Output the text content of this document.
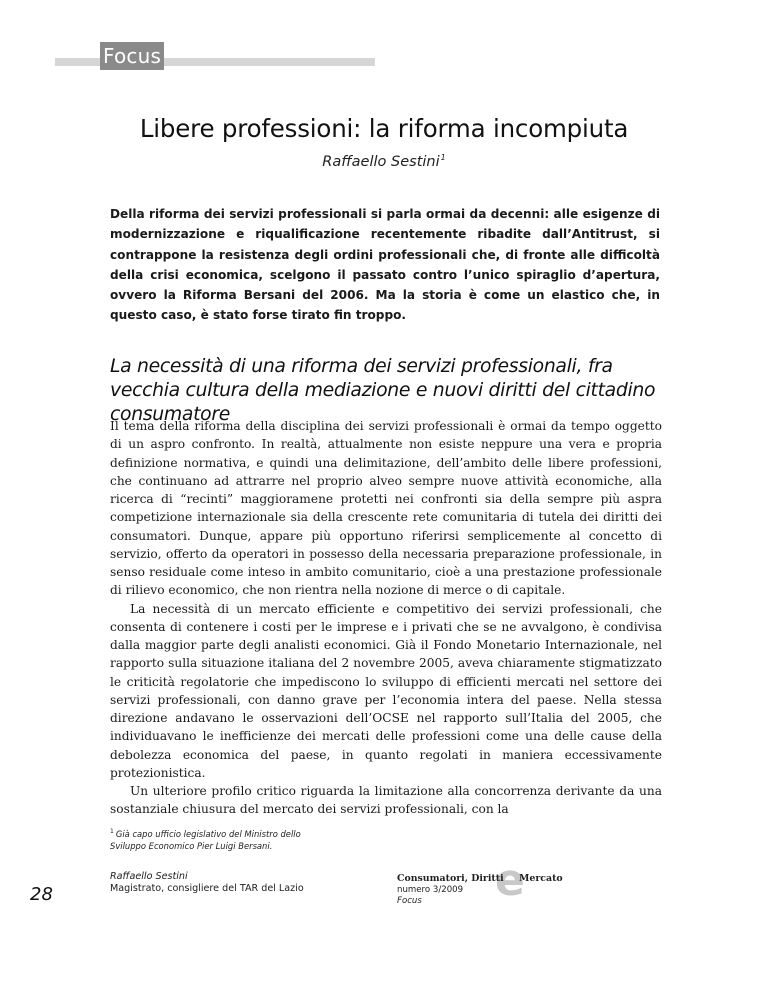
Focus
Libere professioni: la riforma incompiuta
Raffaello Sestini$^1$

Della riforma dei servizi professionali si parla ormai da decenni: alle esigenze di modernizzazione e riqualificazione recentemente ribadite dall’Antitrust, si contrappone la resistenza degli ordini professionali che, di fronte alle difficoltà della crisi economica, scelgono il passato contro l’unico spiraglio d’apertura, ovvero la Riforma Bersani del 2006. Ma la storia è come un elastico che, in questo caso, è stato forse tirato fin troppo.

La necessità di una riforma dei servizi professionali, fra vecchia cultura della mediazione e nuovi diritti del cittadino consumatore

Il tema della riforma della disciplina dei servizi professionali è ormai da tempo oggetto di un aspro confronto. In realtà, attualmente non esiste neppure una vera e propria definizione normativa, e quindi una delimitazione, dell’ambito delle libere professioni, che continuano ad attrarre nel proprio alveo sempre nuove attività economiche, alla ricerca di “recinti” maggioramene protetti nei confronti sia della sempre più aspra competizione internazionale sia della crescente rete comunitaria di tutela dei diritti dei consumatori. Dunque, appare più opportuno riferirsi semplicemente al concetto di servizio, offerto da operatori in possesso della necessaria preparazione professionale, in senso residuale come inteso in ambito comunitario, cioè a una prestazione professionale di rilievo economico, che non rientra nella nozione di merce o di capitale.

La necessità di un mercato efficiente e competitivo dei servizi professionali, che consenta di contenere i costi per le imprese e i privati che se ne avvalgono, è condivisa dalla maggior parte degli analisti economici. Già il Fondo Monetario Internazionale, nel rapporto sulla situazione italiana del 2 novembre 2005, aveva chiaramente stigmatizzato le criticità regolatorie che impediscono lo sviluppo di efficienti mercati nel settore dei servizi professionali, con danno grave per l’economia intera del paese. Nella stessa direzione andavano le osservazioni dell’OCSE nel rapporto sull’Italia del 2005, che individuavano le inefficienze dei mercati delle professioni come una delle cause della debolezza economica del paese, in quanto regolati in maniera eccessivamente protezionistica.

Un ulteriore profilo critico riguarda la limitazione alla concorrenza derivante da una sostanziale chiusura del mercato dei servizi professionali, con la

$^1$ Già capo ufficio legislativo del Ministro dello Sviluppo Economico Pier Luigi Bersani.
28
Raffaello Sestini
Magistrato, consigliere del TAR del Lazio	e
Consumatori, Diritti Mercato
numero 3/2009
Focus
